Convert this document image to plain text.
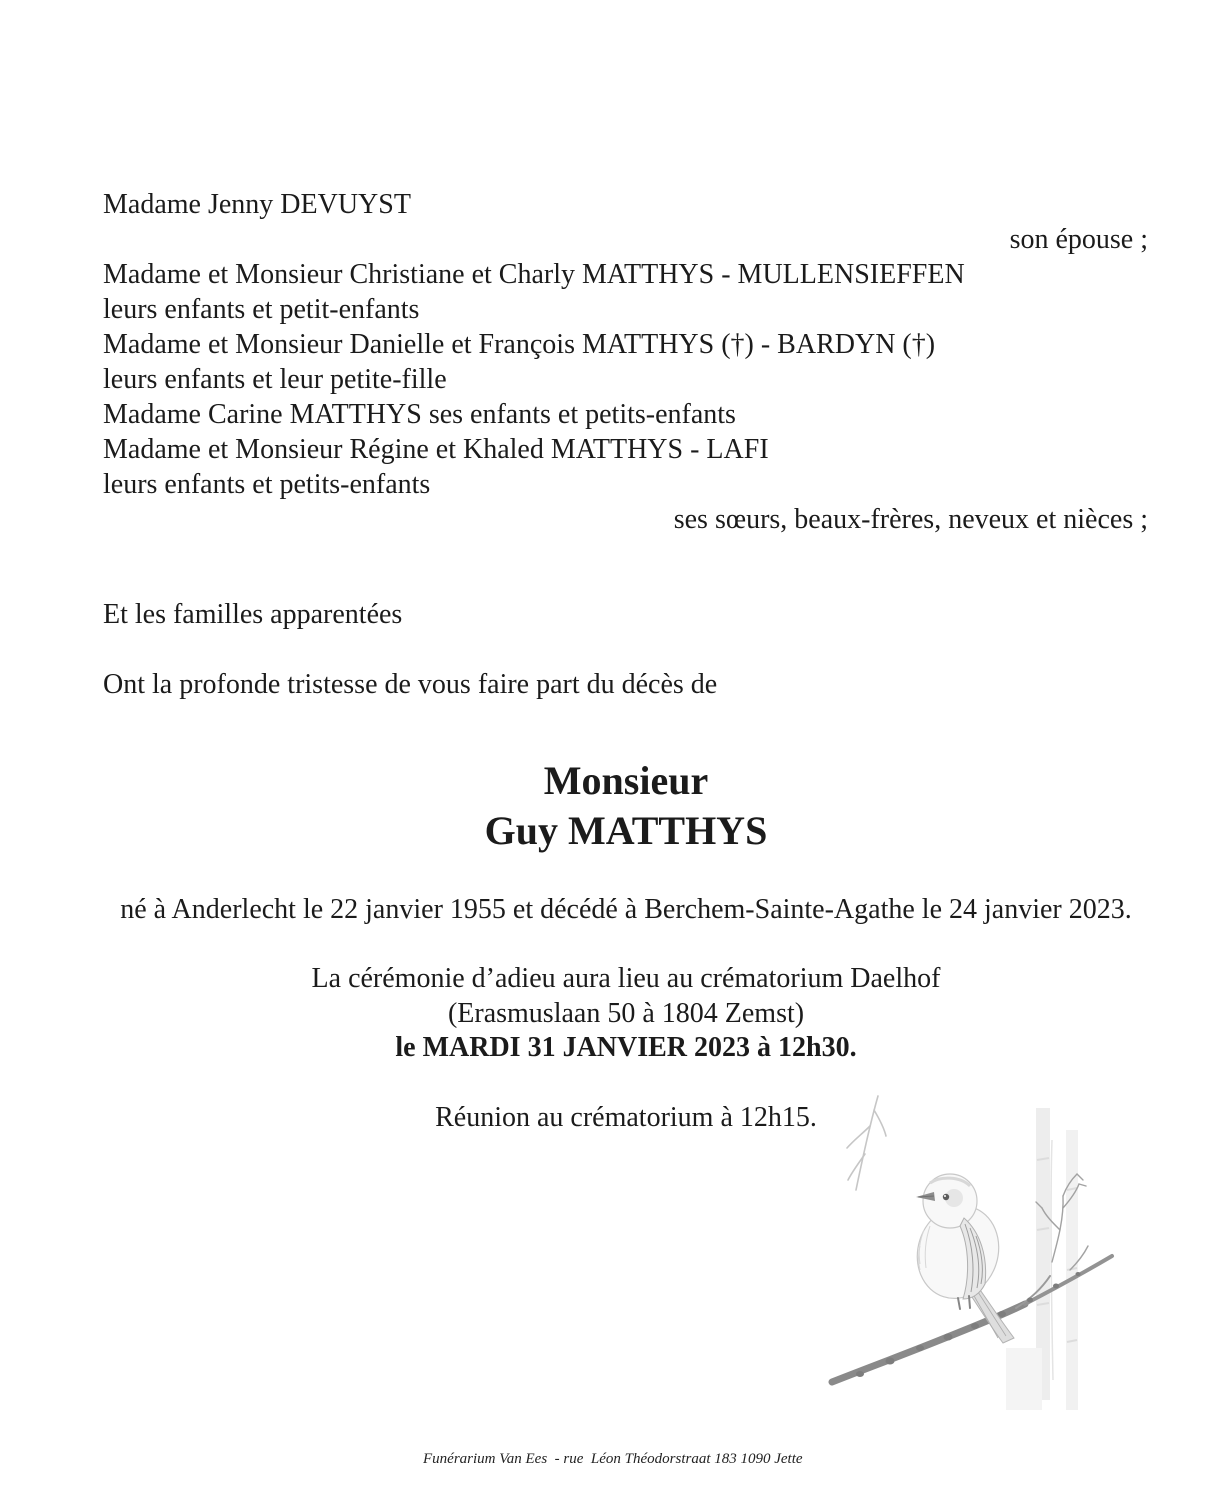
Madame Jenny DEVUYST
son épouse ;
Madame et Monsieur Christiane et Charly MATTHYS - MULLENSIEFFEN
leurs enfants et petit-enfants
Madame et Monsieur Danielle et François MATTHYS (†) - BARDYN (†)
leurs enfants et leur petite-fille
Madame Carine MATTHYS ses enfants et petits-enfants
Madame et Monsieur Régine et Khaled MATTHYS - LAFI
leurs enfants et petits-enfants
ses sœurs, beaux-frères, neveux et nièces ;
Et les familles apparentées
Ont la profonde tristesse de vous faire part du décès de
Monsieur
Guy MATTHYS
né à Anderlecht le 22 janvier 1955 et décédé à Berchem-Sainte-Agathe le 24 janvier 2023.
La cérémonie d’adieu aura lieu au crématorium Daelhof
(Erasmuslaan 50 à 1804 Zemst)
le MARDI 31 JANVIER 2023 à 12h30.
Réunion au crématorium à 12h15.
Funérarium Van Ees  - rue  Léon Théodorstraat 183 1090 Jette
